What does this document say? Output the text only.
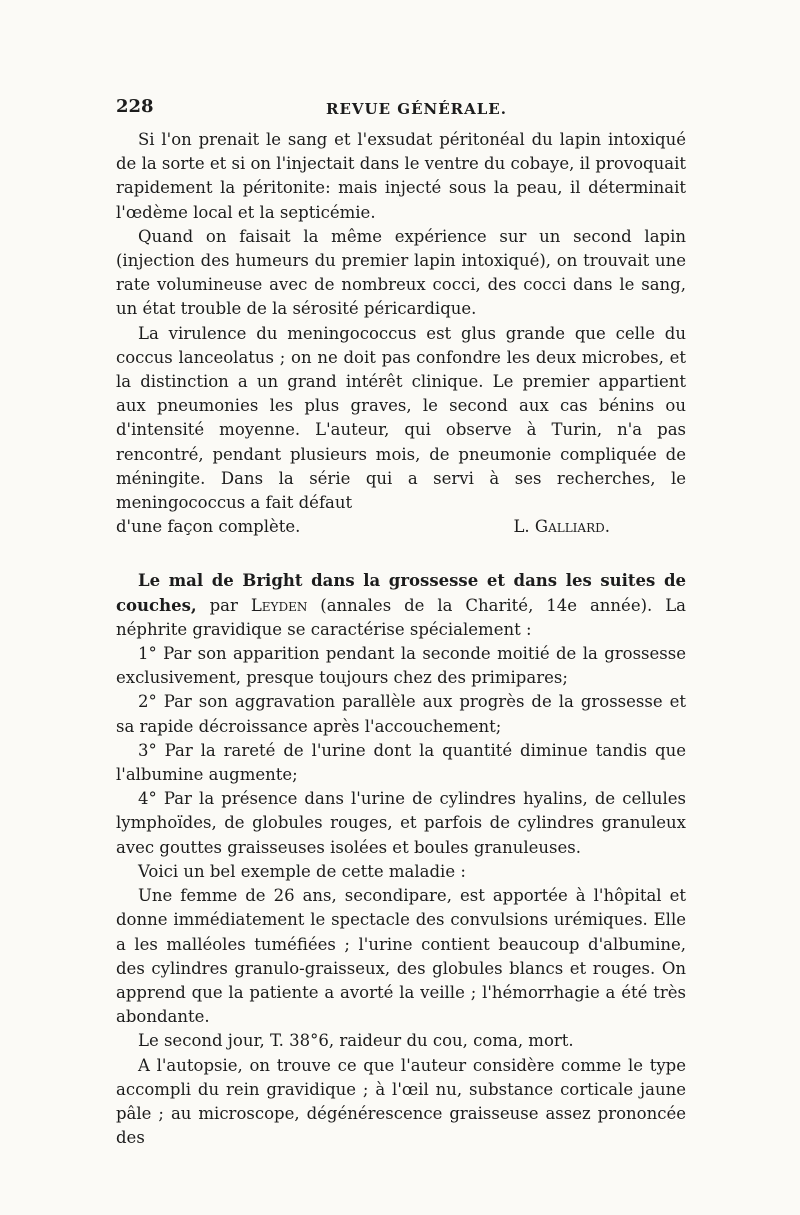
228	REVUE GÉNÉRALE.

Si l'on prenait le sang et l'exsudat péritonéal du lapin intoxiqué de la sorte et si on l'injectait dans le ventre du cobaye, il provoquait rapidement la péritonite: mais injecté sous la peau, il déterminait l'œdème local et la septicémie.

Quand on faisait la même expérience sur un second lapin (injection des humeurs du premier lapin intoxiqué), on trouvait une rate volumineuse avec de nombreux cocci, des cocci dans le sang, un état trouble de la sérosité péricardique.

La virulence du meningococcus est glus grande que celle du coccus lanceolatus ; on ne doit pas confondre les deux microbes, et la distinction a un grand intérêt clinique. Le premier appartient aux pneumonies les plus graves, le second aux cas bénins ou d'intensité moyenne. L'auteur, qui observe à Turin, n'a pas rencontré, pendant plusieurs mois, de pneumonie compliquée de méningite. Dans la série qui a servi à ses recherches, le meningococcus a fait défaut

d'une façon complète.	L. Galliard.

Le mal de Bright dans la grossesse et dans les suites de couches, par Leyden (annales de la Charité, 14e année). La néphrite gravidique se caractérise spécialement :

1° Par son apparition pendant la seconde moitié de la grossesse exclusivement, presque toujours chez des primipares;

2° Par son aggravation parallèle aux progrès de la grossesse et sa rapide décroissance après l'accouchement;

3° Par la rareté de l'urine dont la quantité diminue tandis que l'albumine augmente;

4° Par la présence dans l'urine de cylindres hyalins, de cellules lymphoïdes, de globules rouges, et parfois de cylindres granuleux avec gouttes graisseuses isolées et boules granuleuses.

Voici un bel exemple de cette maladie :

Une femme de 26 ans, secondipare, est apportée à l'hôpital et donne immédiatement le spectacle des convulsions urémiques. Elle a les malléoles tuméfiées ; l'urine contient beaucoup d'albumine, des cylindres granulo-graisseux, des globules blancs et rouges. On apprend que la patiente a avorté la veille ; l'hémorrhagie a été très abondante.

Le second jour, T. 38°6, raideur du cou, coma, mort.

A l'autopsie, on trouve ce que l'auteur considère comme le type accompli du rein gravidique ; à l'œil nu, substance corticale jaune pâle ; au microscope, dégénérescence graisseuse assez prononcée des
